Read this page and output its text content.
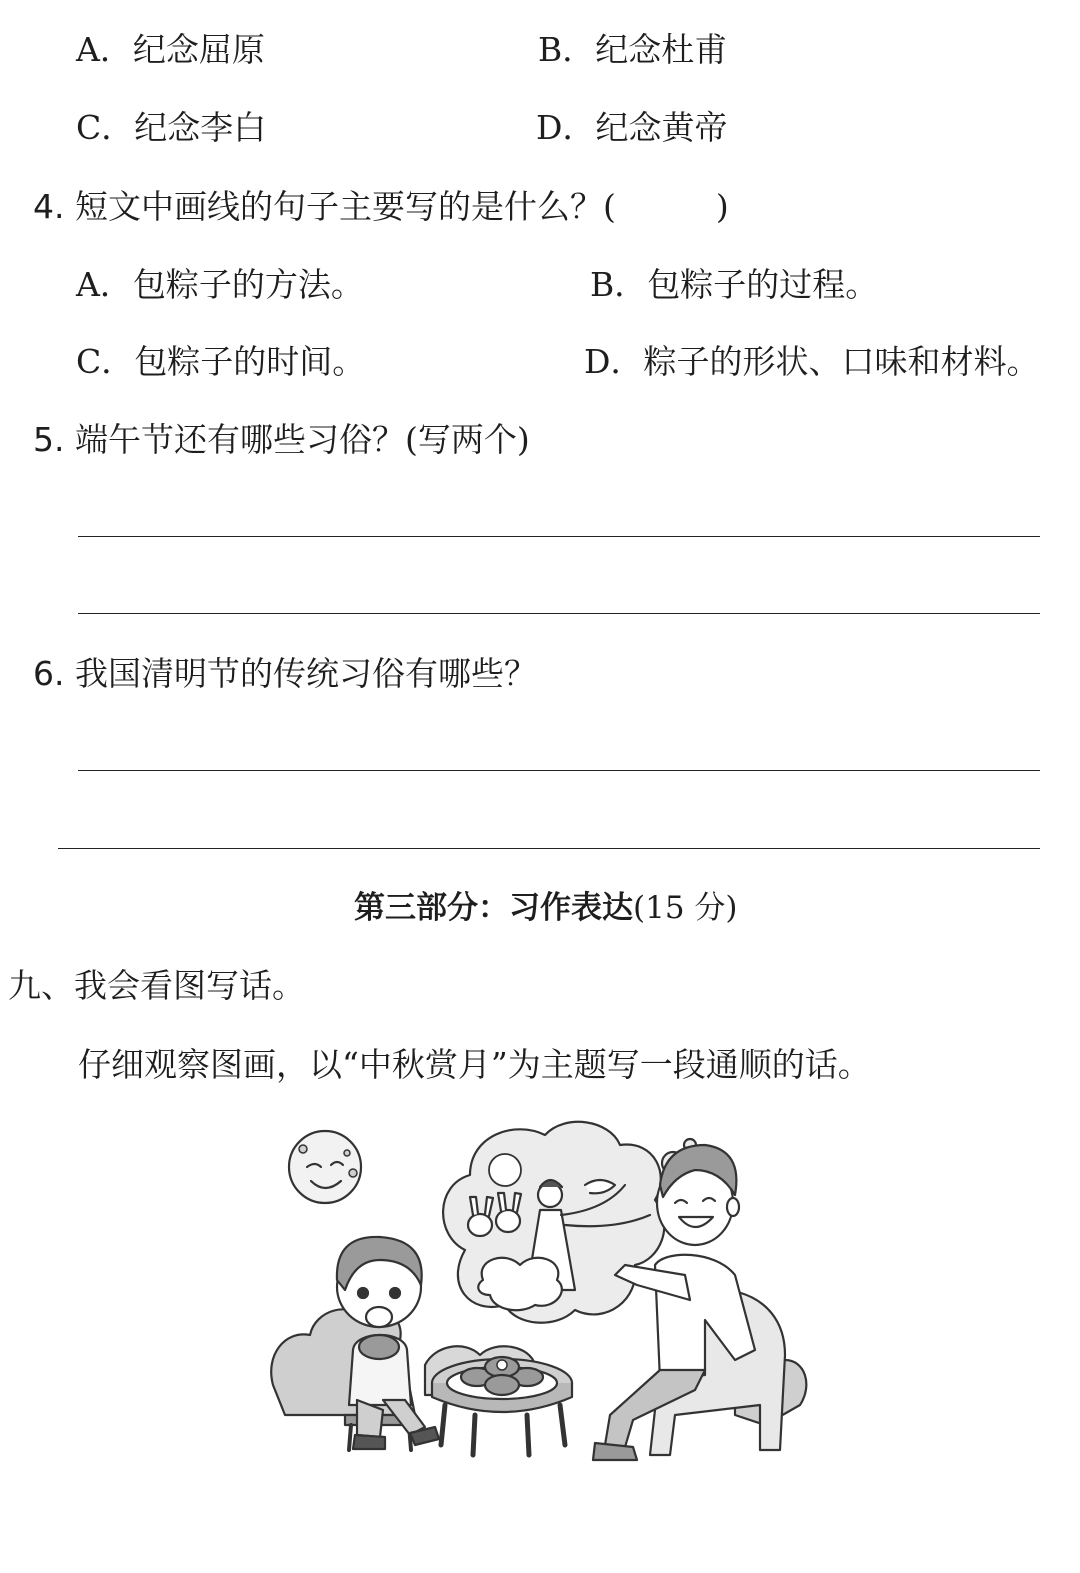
A．纪念屈原	B．纪念杜甫
C．纪念李白	D．纪念黄帝
4. 短文中画线的句子主要写的是什么？(	)
A．包粽子的方法。	B．包粽子的过程。
C．包粽子的时间。	D．粽子的形状、口味和材料。
5. 端午节还有哪些习俗？(写两个)
6. 我国清明节的传统习俗有哪些？
第三部分：习作表达(15 分)
九、我会看图写话。
仔细观察图画，以“中秋赏月”为主题写一段通顺的话。
